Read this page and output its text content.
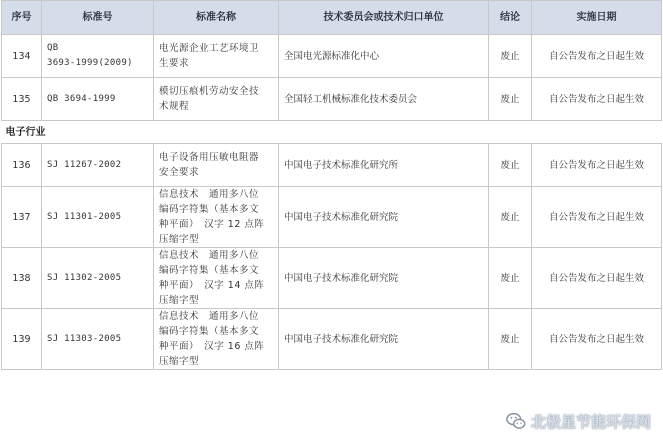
序号	标准号	标准名称	技术委员会或技术归口单位	结论	实施日期
134	QB
3693-1999(2009)	电光源企业工艺环境卫
生要求	全国电光源标准化中心	废止	自公告发布之日起生效
135	QB 3694-1999	模切压痕机劳动安全技
术规程	全国轻工机械标准化技术委员会	废止	自公告发布之日起生效
电子行业					
136	SJ 11267-2002	电子设备用压敏电阻器
安全要求	中国电子技术标准化研究所	废止	自公告发布之日起生效
137	SJ 11301-2005	信息技术　通用多八位
编码字符集（基本多文
种平面）　汉字 12 点阵
压缩字型	中国电子技术标准化研究院	废止	自公告发布之日起生效
138	SJ 11302-2005	信息技术　通用多八位
编码字符集（基本多文
种平面）　汉字 14 点阵
压缩字型	中国电子技术标准化研究院	废止	自公告发布之日起生效
139	SJ 11303-2005	信息技术　通用多八位
编码字符集（基本多文
种平面）　汉字 16 点阵
压缩字型	中国电子技术标准化研究院	废止	自公告发布之日起生效
北极星节能环保网
